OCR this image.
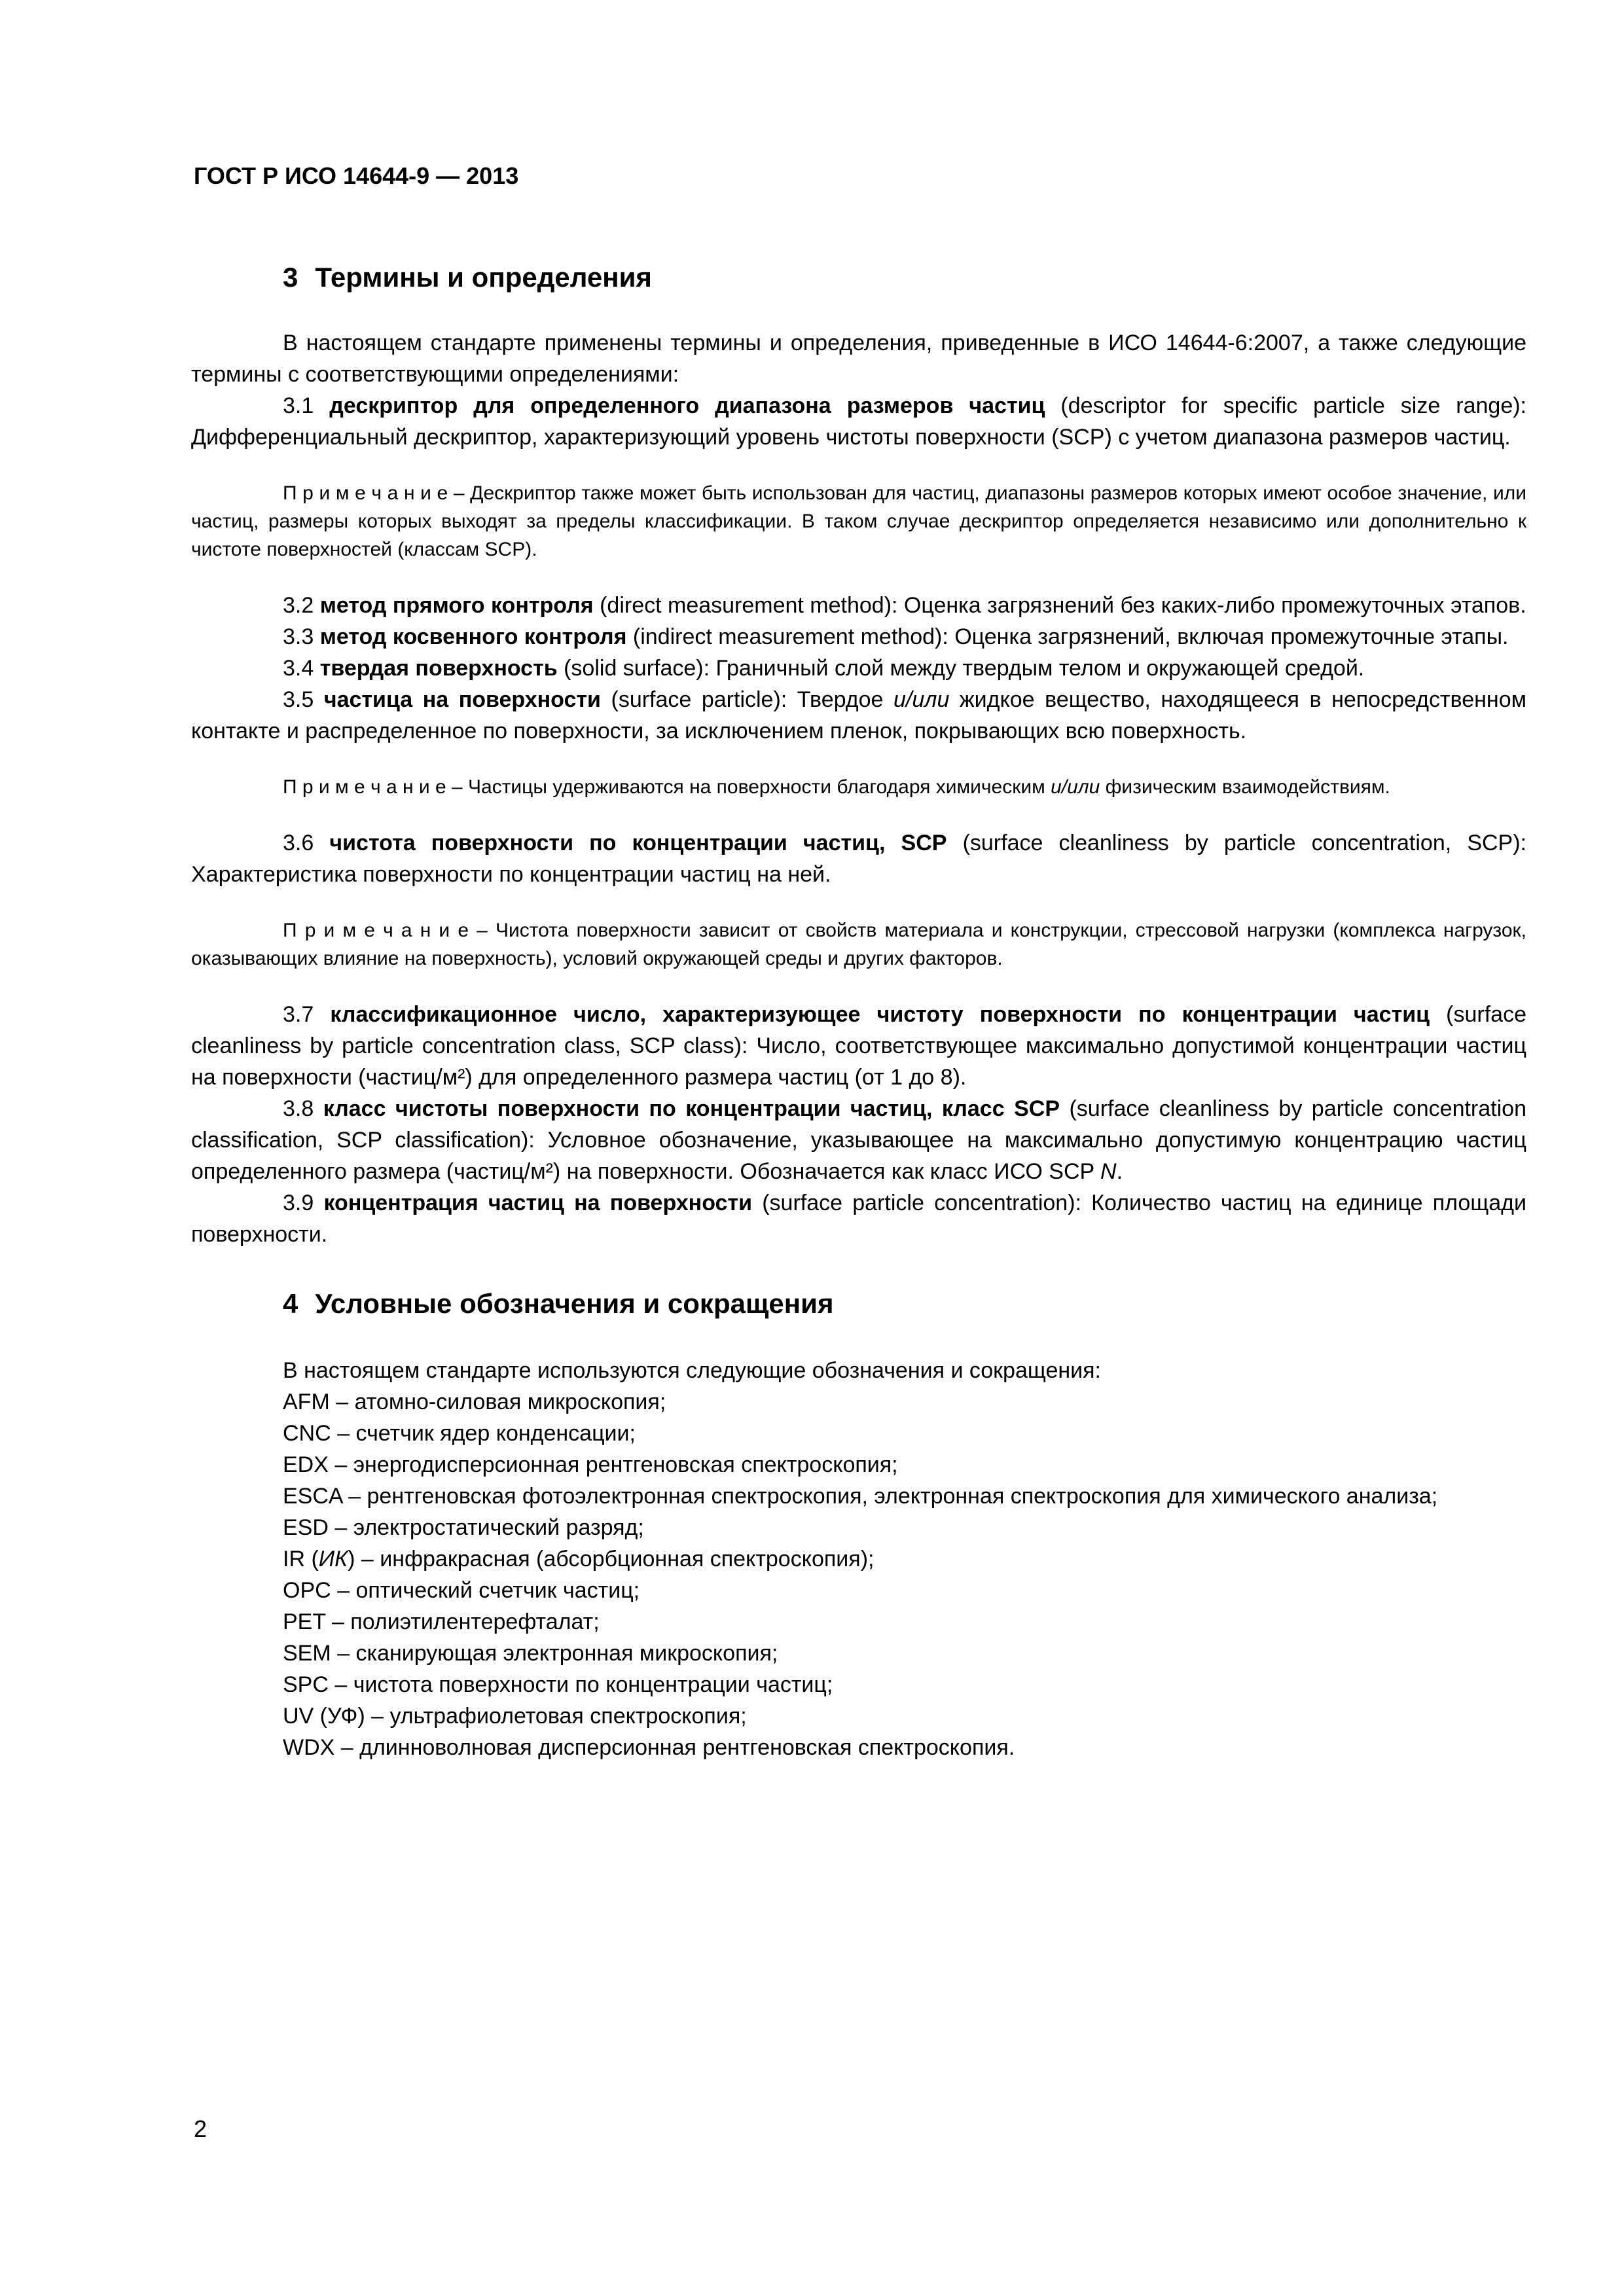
ГОСТ Р ИСО 14644-9 — 2013
3 Термины и определения

В настоящем стандарте применены термины и определения, приведенные в ИСО 14644-6:2007, а также следующие термины с соответствующими определениями:

3.1 дескриптор для определенного диапазона размеров частиц (descriptor for specific particle size range): Дифференциальный дескриптор, характеризующий уровень чистоты поверхности (SCP) с учетом диапазона размеров частиц.

П р и м е ч а н и е – Дескриптор также может быть использован для частиц, диапазоны размеров которых имеют особое значение, или частиц, размеры которых выходят за пределы классификации. В таком случае дескриптор определяется независимо или дополнительно к чистоте поверхностей (классам SCP).

3.2 метод прямого контроля (direct measurement method): Оценка загрязнений без каких-либо промежуточных этапов.

3.3 метод косвенного контроля (indirect measurement method): Оценка загрязнений, включая промежуточные этапы.

3.4 твердая поверхность (solid surface): Граничный слой между твердым телом и окружающей средой.

3.5 частица на поверхности (surface particle): Твердое и/или жидкое вещество, находящееся в непосредственном контакте и распределенное по поверхности, за исключением пленок, покрывающих всю поверхность.

П р и м е ч а н и е – Частицы удерживаются на поверхности благодаря химическим и/или физическим взаимодействиям.

3.6 чистота поверхности по концентрации частиц, SCP (surface cleanliness by particle concentration, SCP): Характеристика поверхности по концентрации частиц на ней.

П р и м е ч а н и е – Чистота поверхности зависит от свойств материала и конструкции, стрессовой нагрузки (комплекса нагрузок, оказывающих влияние на поверхность), условий окружающей среды и других факторов.

3.7 классификационное число, характеризующее чистоту поверхности по концентрации частиц (surface cleanliness by particle concentration class, SCP class): Число, соответствующее максимально допустимой концентрации частиц на поверхности (частиц/м²) для определенного размера частиц (от 1 до 8).

3.8 класс чистоты поверхности по концентрации частиц, класс SCP (surface cleanliness by particle concentration classification, SCP classification): Условное обозначение, указывающее на максимально допустимую концентрацию частиц определенного размера (частиц/м²) на поверхности. Обозначается как класс ИСО SCP N.

3.9 концентрация частиц на поверхности (surface particle concentration): Количество частиц на единице площади поверхности.

4 Условные обозначения и сокращения

В настоящем стандарте используются следующие обозначения и сокращения:

AFM – атомно-силовая микроскопия;

CNC – счетчик ядер конденсации;

EDX – энергодисперсионная рентгеновская спектроскопия;

ESCA – рентгеновская фотоэлектронная спектроскопия, электронная спектроскопия для химического анализа;

ESD – электростатический разряд;

IR (ИК) – инфракрасная (абсорбционная спектроскопия);

OPC – оптический счетчик частиц;

PET – полиэтилентерефталат;

SEM – сканирующая электронная микроскопия;

SPC – чистота поверхности по концентрации частиц;

UV (УФ) – ультрафиолетовая спектроскопия;

WDX – длинноволновая дисперсионная рентгеновская спектроскопия.

2
